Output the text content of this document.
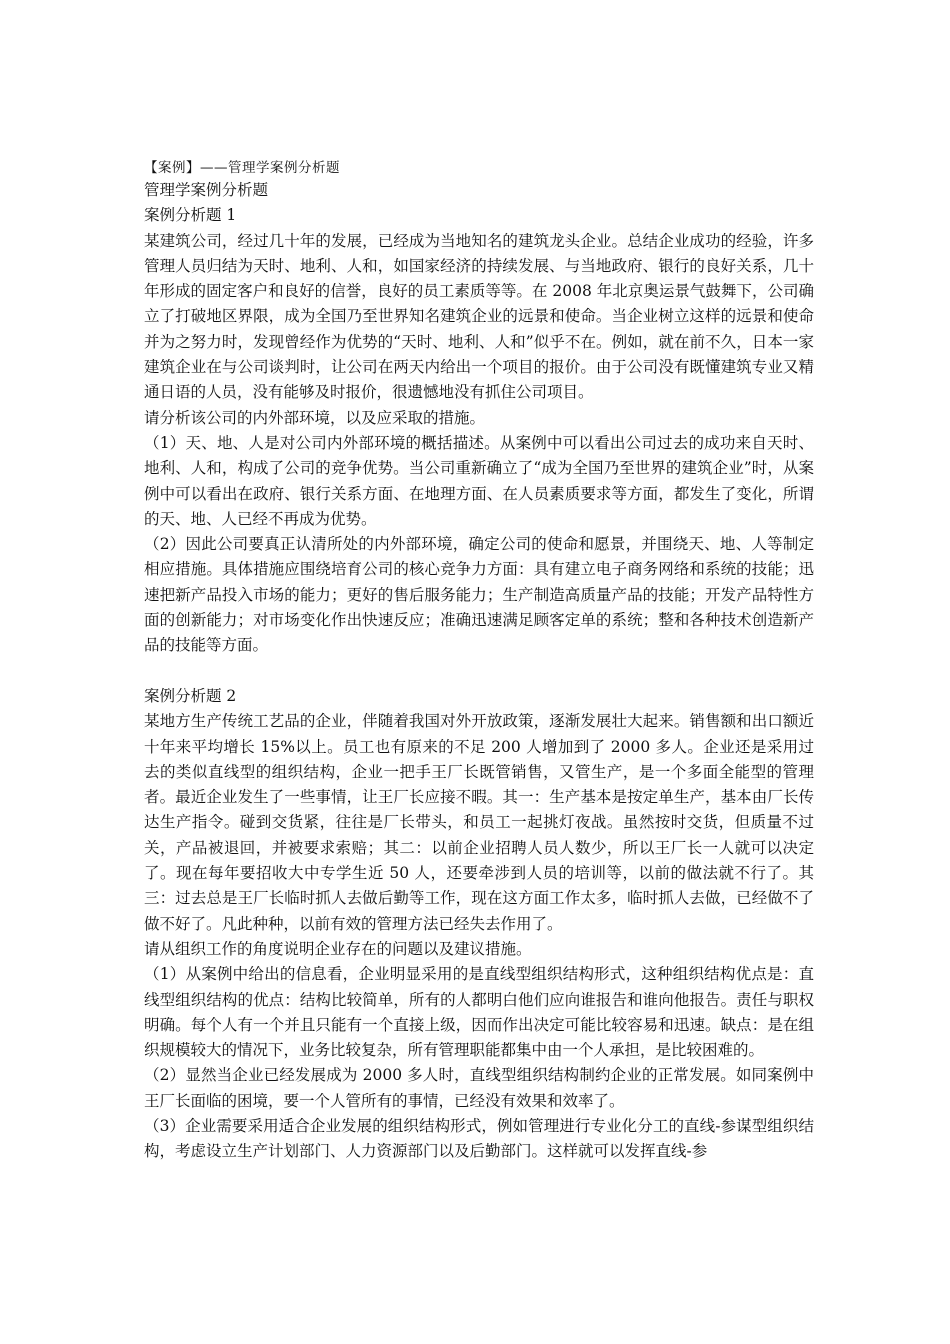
【案例】——管理学案例分析题

管理学案例分析题

案例分析题 1

某建筑公司，经过几十年的发展，已经成为当地知名的建筑龙头企业。总结企业成功的经验，许多管理人员归结为天时、地利、人和，如国家经济的持续发展、与当地政府、银行的良好关系，几十年形成的固定客户和良好的信誉，良好的员工素质等等。在 2008 年北京奥运景气鼓舞下，公司确立了打破地区界限，成为全国乃至世界知名建筑企业的远景和使命。当企业树立这样的远景和使命并为之努力时，发现曾经作为优势的“天时、地利、人和”似乎不在。例如，就在前不久，日本一家建筑企业在与公司谈判时，让公司在两天内给出一个项目的报价。由于公司没有既懂建筑专业又精通日语的人员，没有能够及时报价，很遗憾地没有抓住公司项目。

请分析该公司的内外部环境，以及应采取的措施。

（1）天、地、人是对公司内外部环境的概括描述。从案例中可以看出公司过去的成功来自天时、地利、人和，构成了公司的竞争优势。当公司重新确立了“成为全国乃至世界的建筑企业”时，从案例中可以看出在政府、银行关系方面、在地理方面、在人员素质要求等方面，都发生了变化，所谓的天、地、人已经不再成为优势。

（2）因此公司要真正认清所处的内外部环境，确定公司的使命和愿景，并围绕天、地、人等制定相应措施。具体措施应围绕培育公司的核心竞争力方面：具有建立电子商务网络和系统的技能；迅速把新产品投入市场的能力；更好的售后服务能力；生产制造高质量产品的技能；开发产品特性方面的创新能力；对市场变化作出快速反应；准确迅速满足顾客定单的系统；整和各种技术创造新产品的技能等方面。

案例分析题 2

某地方生产传统工艺品的企业，伴随着我国对外开放政策，逐渐发展壮大起来。销售额和出口额近十年来平均增长 15%以上。员工也有原来的不足 200 人增加到了 2000 多人。企业还是采用过去的类似直线型的组织结构，企业一把手王厂长既管销售，又管生产，是一个多面全能型的管理者。最近企业发生了一些事情，让王厂长应接不暇。其一：生产基本是按定单生产，基本由厂长传达生产指令。碰到交货紧，往往是厂长带头，和员工一起挑灯夜战。虽然按时交货，但质量不过关，产品被退回，并被要求索赔；其二：以前企业招聘人员人数少，所以王厂长一人就可以决定了。现在每年要招收大中专学生近 50 人，还要牵涉到人员的培训等，以前的做法就不行了。其三：过去总是王厂长临时抓人去做后勤等工作，现在这方面工作太多，临时抓人去做，已经做不了做不好了。凡此种种，以前有效的管理方法已经失去作用了。

请从组织工作的角度说明企业存在的问题以及建议措施。

（1）从案例中给出的信息看，企业明显采用的是直线型组织结构形式，这种组织结构优点是：直线型组织结构的优点：结构比较简单，所有的人都明白他们应向谁报告和谁向他报告。责任与职权明确。每个人有一个并且只能有一个直接上级，因而作出决定可能比较容易和迅速。缺点：是在组织规模较大的情况下，业务比较复杂，所有管理职能都集中由一个人承担，是比较困难的。

（2）显然当企业已经发展成为 2000 多人时，直线型组织结构制约企业的正常发展。如同案例中王厂长面临的困境，要一个人管所有的事情，已经没有效果和效率了。

（3）企业需要采用适合企业发展的组织结构形式，例如管理进行专业化分工的直线-参谋型组织结构，考虑设立生产计划部门、人力资源部门以及后勤部门。这样就可以发挥直线-参
